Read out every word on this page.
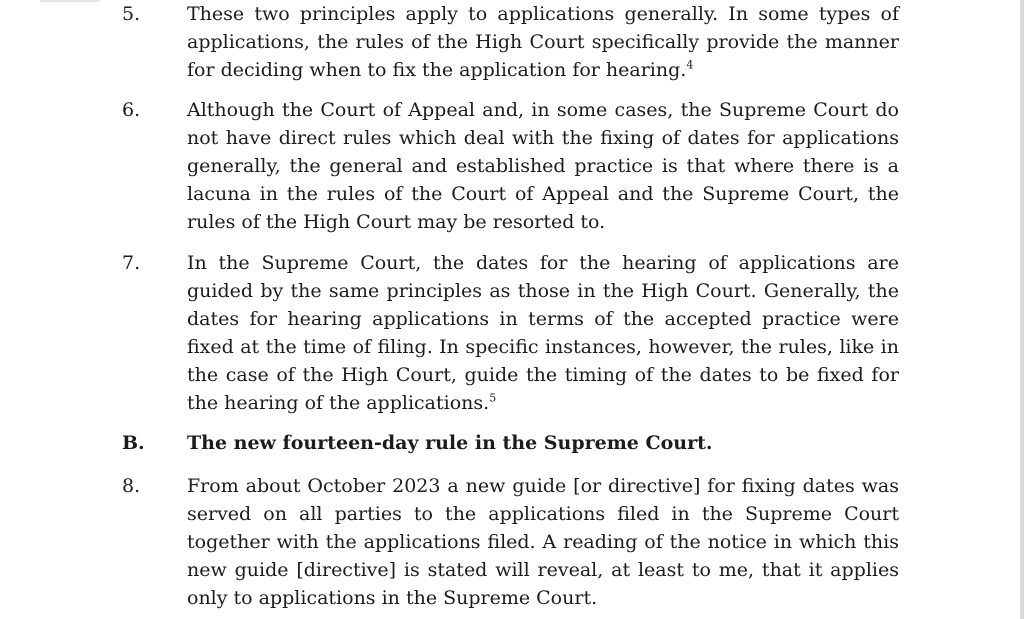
5. These two principles apply to applications generally. In some types of applications, the rules of the High Court specifically provide the manner for deciding when to fix the application for hearing.$^4$
6. Although the Court of Appeal and, in some cases, the Supreme Court do not have direct rules which deal with the fixing of dates for applications generally, the general and established practice is that where there is a lacuna in the rules of the Court of Appeal and the Supreme Court, the rules of the High Court may be resorted to.
7. In the Supreme Court, the dates for the hearing of applications are guided by the same principles as those in the High Court. Generally, the dates for hearing applications in terms of the accepted practice were fixed at the time of filing. In specific instances, however, the rules, like in the case of the High Court, guide the timing of the dates to be fixed for the hearing of the applications.$^5$
B. The new fourteen-day rule in the Supreme Court.
8. From about October 2023 a new guide [or directive] for fixing dates was served on all parties to the applications filed in the Supreme Court together with the applications filed. A reading of the notice in which this new guide [directive] is stated will reveal, at least to me, that it applies only to applications in the Supreme Court.
